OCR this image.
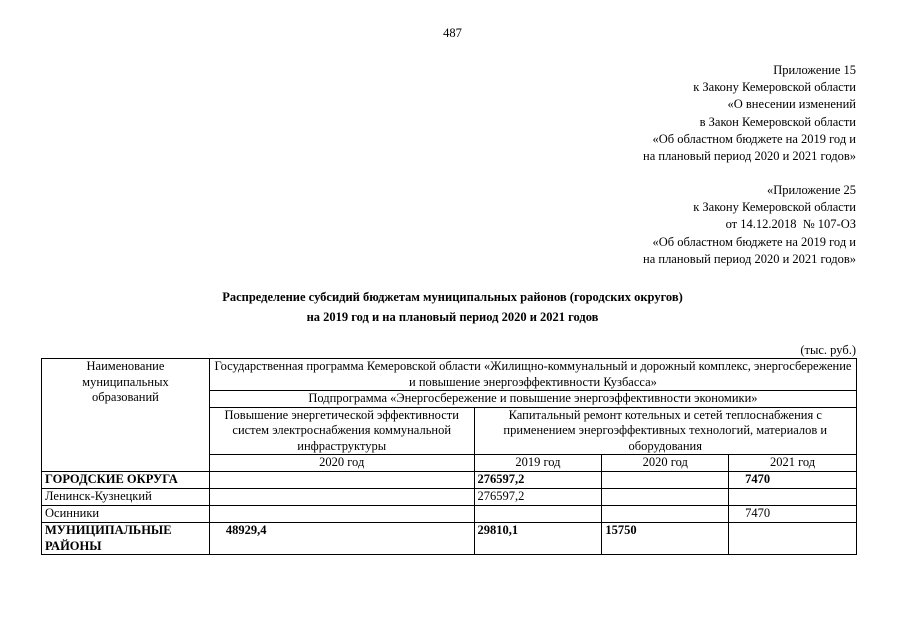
487
Приложение 15
к Закону Кемеровской области
«О внесении изменений
в Закон Кемеровской области
«Об областном бюджете на 2019 год и
на плановый период 2020 и 2021 годов»
«Приложение 25
к Закону Кемеровской области
от 14.12.2018  № 107-ОЗ
«Об областном бюджете на 2019 год и
на плановый период 2020 и 2021 годов»
Распределение субсидий бюджетам муниципальных районов (городских округов)
на 2019 год и на плановый период 2020 и 2021 годов
(тыс. руб.)
Наименование муниципальных образований	Государственная программа Кемеровской области «Жилищно-коммунальный и дорожный комплекс, энергосбережение и повышение энергоэффективности Кузбасса»			
	Подпрограмма «Энергосбережение и повышение энергоэффективности экономики»			
	Повышение энергетической эффективности систем электроснабжения коммунальной инфраструктуры	Капитальный ремонт котельных и сетей теплоснабжения с применением энергоэффективных технологий, материалов и оборудования		
	2020 год	2019 год	2020 год	2021 год
ГОРОДСКИЕ ОКРУГА		276597,2		7470
Ленинск-Кузнецкий		276597,2		
Осинники				7470
МУНИЦИПАЛЬНЫЕ РАЙОНЫ	48929,4	29810,1	15750	
